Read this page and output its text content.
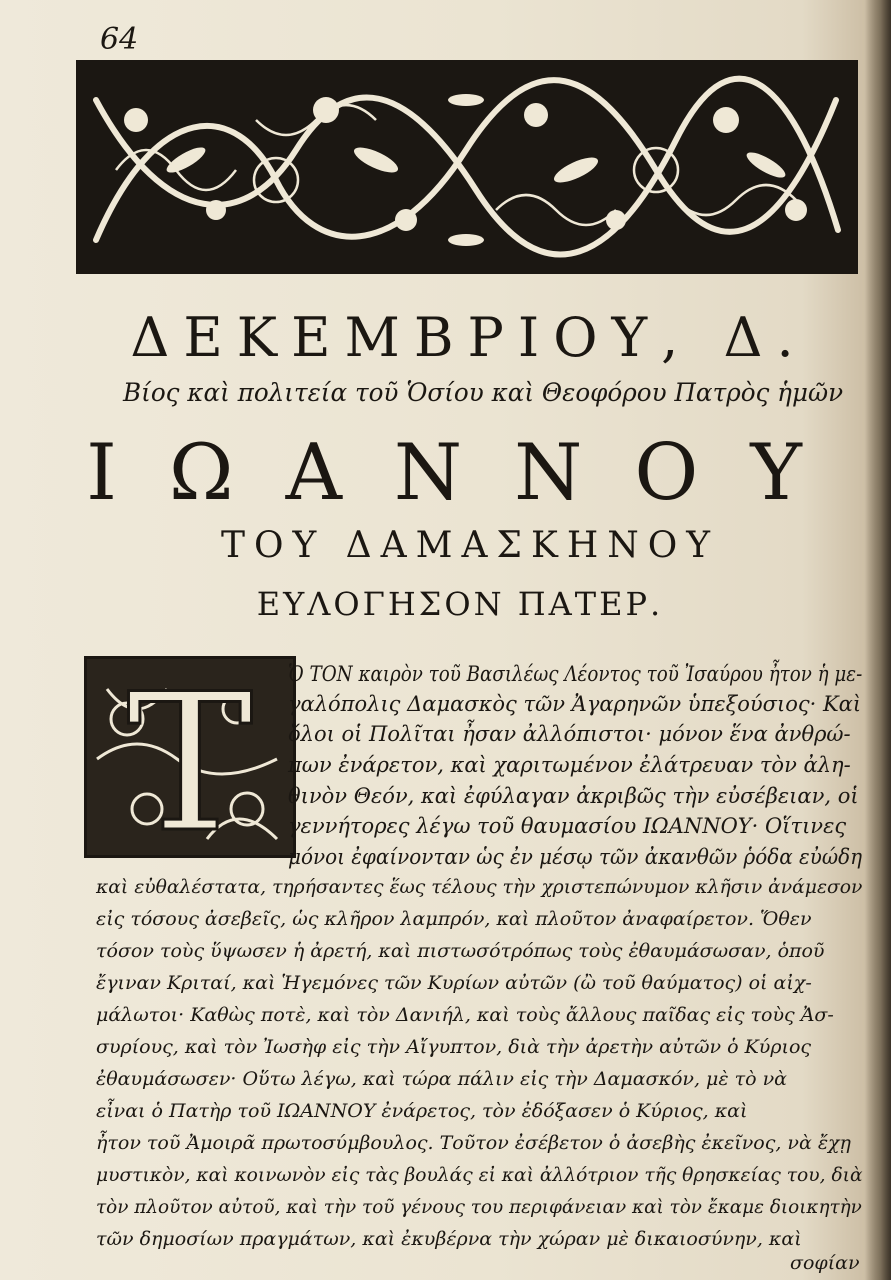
64
ΔΕΚΕΜΒΡΙΟΥ, Δ.
Βίος καὶ πολιτεία τοῦ Ὁσίου καὶ Θεοφόρου Πατρὸς ἡμῶν
ΙΩΑΝΝΟΥ
ΤΟΥ ΔΑΜΑΣΚΗΝΟΥ
ΕΥΛΟΓΗΣΟΝ ΠΑΤΕΡ.
Τ Ὁ ΤΟΝ καιρὸν τοῦ Βασιλέως Λέοντος τοῦ Ἰσαύρου ἦτον ἡ με-
γαλόπολις Δαμασκὸς τῶν Ἀγαρηνῶν ὑπεξούσιος· Καὶ
ὅλοι οἱ Πολῖται ἦσαν ἀλλόπιστοι· μόνον ἕνα ἀνθρώ-
πων ἐνάρετον, καὶ χαριτωμένον ἐλάτρευαν τὸν ἀλη-
θινὸν Θεόν, καὶ ἐφύλαγαν ἀκριβῶς τὴν εὐσέβειαν, οἱ
γεννήτορες λέγω τοῦ θαυμασίου ΙΩΑΝΝΟΥ· Οἵτινες
μόνοι ἐφαίνονταν ὡς ἐν μέσῳ τῶν ἀκανθῶν ῥόδα εὐώδη
καὶ εὐθαλέστατα, τηρήσαντες ἕως τέλους τὴν χριστεπώνυμον κλῆσιν ἀνάμεσον
εἰς τόσους ἀσεβεῖς, ὡς κλῆρον λαμπρόν, καὶ πλοῦτον ἀναφαίρετον. Ὅθεν
τόσον τοὺς ὕψωσεν ἡ ἀρετή, καὶ πιστωσότρόπως τοὺς ἐθαυμάσωσαν, ὁποῦ
ἔγιναν Κριταί, καὶ Ἡγεμόνες τῶν Κυρίων αὐτῶν (ὢ τοῦ θαύματος) οἱ αἰχ-
μάλωτοι· Καθὼς ποτὲ, καὶ τὸν Δανιήλ, καὶ τοὺς ἄλλους παῖδας εἰς τοὺς Ἀσ-
συρίους, καὶ τὸν Ἰωσὴφ εἰς τὴν Αἴγυπτον, διὰ τὴν ἀρετὴν αὐτῶν ὁ Κύριος
ἐθαυμάσωσεν· Οὕτω λέγω, καὶ τώρα πάλιν εἰς τὴν Δαμασκόν, μὲ τὸ νὰ
εἶναι ὁ Πατὴρ τοῦ ΙΩΑΝΝΟΥ ἐνάρετος, τὸν ἐδόξασεν ὁ Κύριος, καὶ
ἦτον τοῦ Ἀμοιρᾶ πρωτοσύμβουλος. Τοῦτον ἐσέβετον ὁ ἀσεβὴς ἐκεῖνος, νὰ ἔχῃ
μυστικὸν, καὶ κοινωνὸν εἰς τὰς βουλάς εἰ καὶ ἀλλότριον τῆς θρησκείας του, διὰ
τὸν πλοῦτον αὐτοῦ, καὶ τὴν τοῦ γένους του περιφάνειαν καὶ τὸν ἔκαμε διοικητὴν
τῶν δημοσίων πραγμάτων, καὶ ἐκυβέρνα τὴν χώραν μὲ δικαιοσύνην, καὶ
σοφίαν
